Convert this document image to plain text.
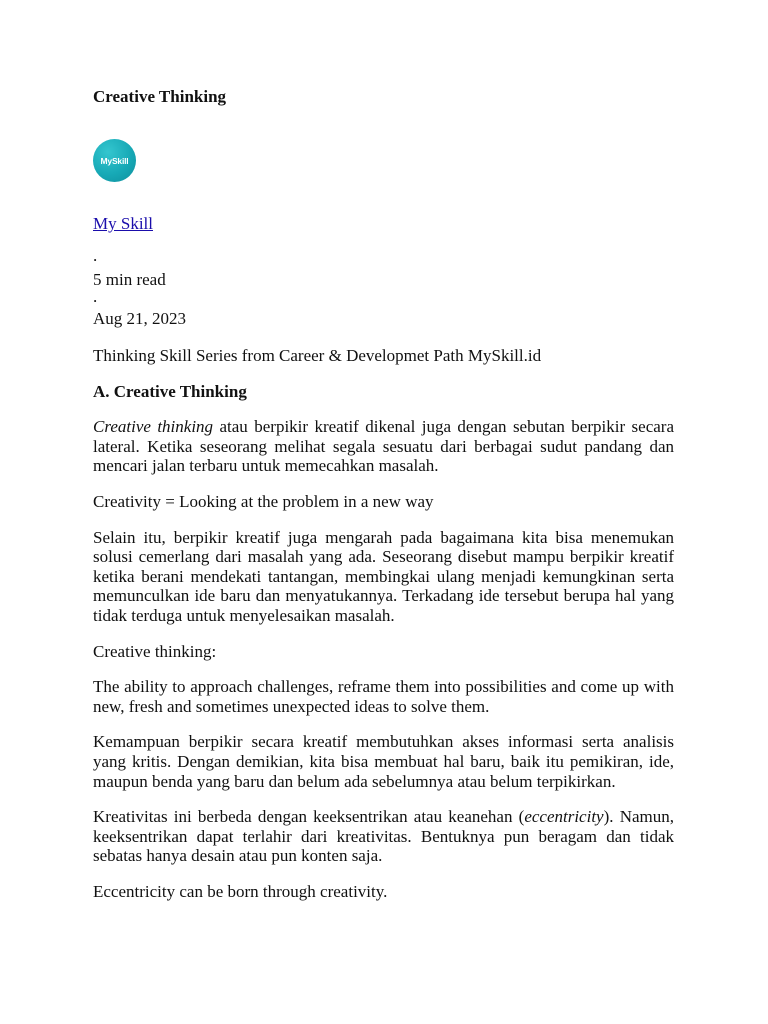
Creative Thinking
MySkill
My Skill
.
5 min read
.
Aug 21, 2023

Thinking Skill Series from Career & Developmet Path MySkill.id

A. Creative Thinking

Creative thinking atau berpikir kreatif dikenal juga dengan sebutan berpikir secara lateral. Ketika seseorang melihat segala sesuatu dari berbagai sudut pandang dan mencari jalan terbaru untuk memecahkan masalah.

Creativity = Looking at the problem in a new way

Selain itu, berpikir kreatif juga mengarah pada bagaimana kita bisa menemukan solusi cemerlang dari masalah yang ada. Seseorang disebut mampu berpikir kreatif ketika berani mendekati tantangan, membingkai ulang menjadi kemungkinan serta memunculkan ide baru dan menyatukannya. Terkadang ide tersebut berupa hal yang tidak terduga untuk menyelesaikan masalah.

Creative thinking:

The ability to approach challenges, reframe them into possibilities and come up with new, fresh and sometimes unexpected ideas to solve them.

Kemampuan berpikir secara kreatif membutuhkan akses informasi serta analisis yang kritis. Dengan demikian, kita bisa membuat hal baru, baik itu pemikiran, ide, maupun benda yang baru dan belum ada sebelumnya atau belum terpikirkan.

Kreativitas ini berbeda dengan keeksentrikan atau keanehan (eccentricity). Namun, keeksentrikan dapat terlahir dari kreativitas. Bentuknya pun beragam dan tidak sebatas hanya desain atau pun konten saja.

Eccentricity can be born through creativity.
